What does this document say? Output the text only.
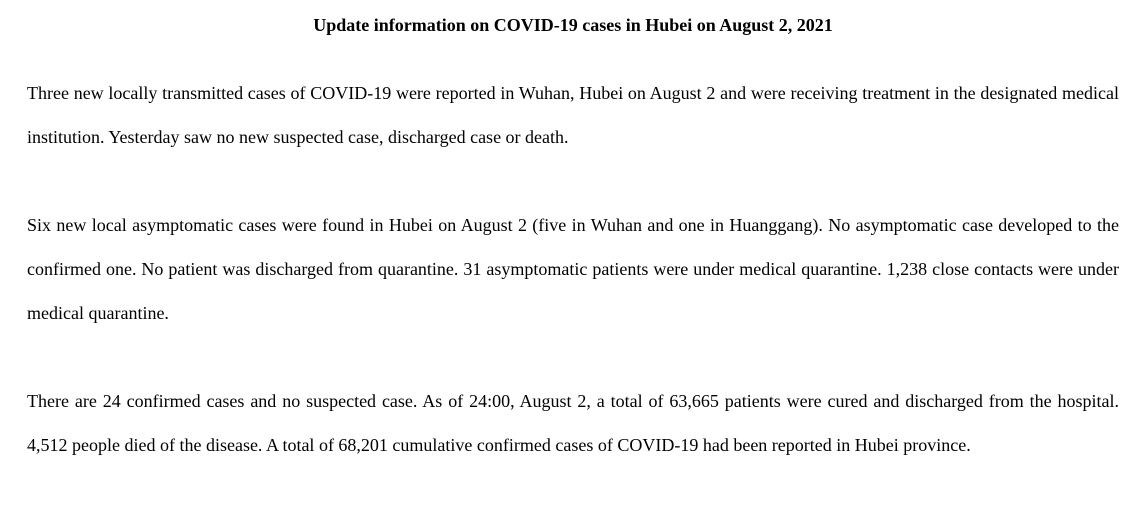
Update information on COVID-19 cases in Hubei on August 2, 2021

Three new locally transmitted cases of COVID-19 were reported in Wuhan, Hubei on August 2 and were receiving treatment in the designated medical institution. Yesterday saw no new suspected case, discharged case or death.

Six new local asymptomatic cases were found in Hubei on August 2 (five in Wuhan and one in Huanggang). No asymptomatic case developed to the confirmed one. No patient was discharged from quarantine. 31 asymptomatic patients were under medical quarantine. 1,238 close contacts were under medical quarantine.

There are 24 confirmed cases and no suspected case. As of 24:00, August 2, a total of 63,665 patients were cured and discharged from the hospital. 4,512 people died of the disease. A total of 68,201 cumulative confirmed cases of COVID-19 had been reported in Hubei province.
